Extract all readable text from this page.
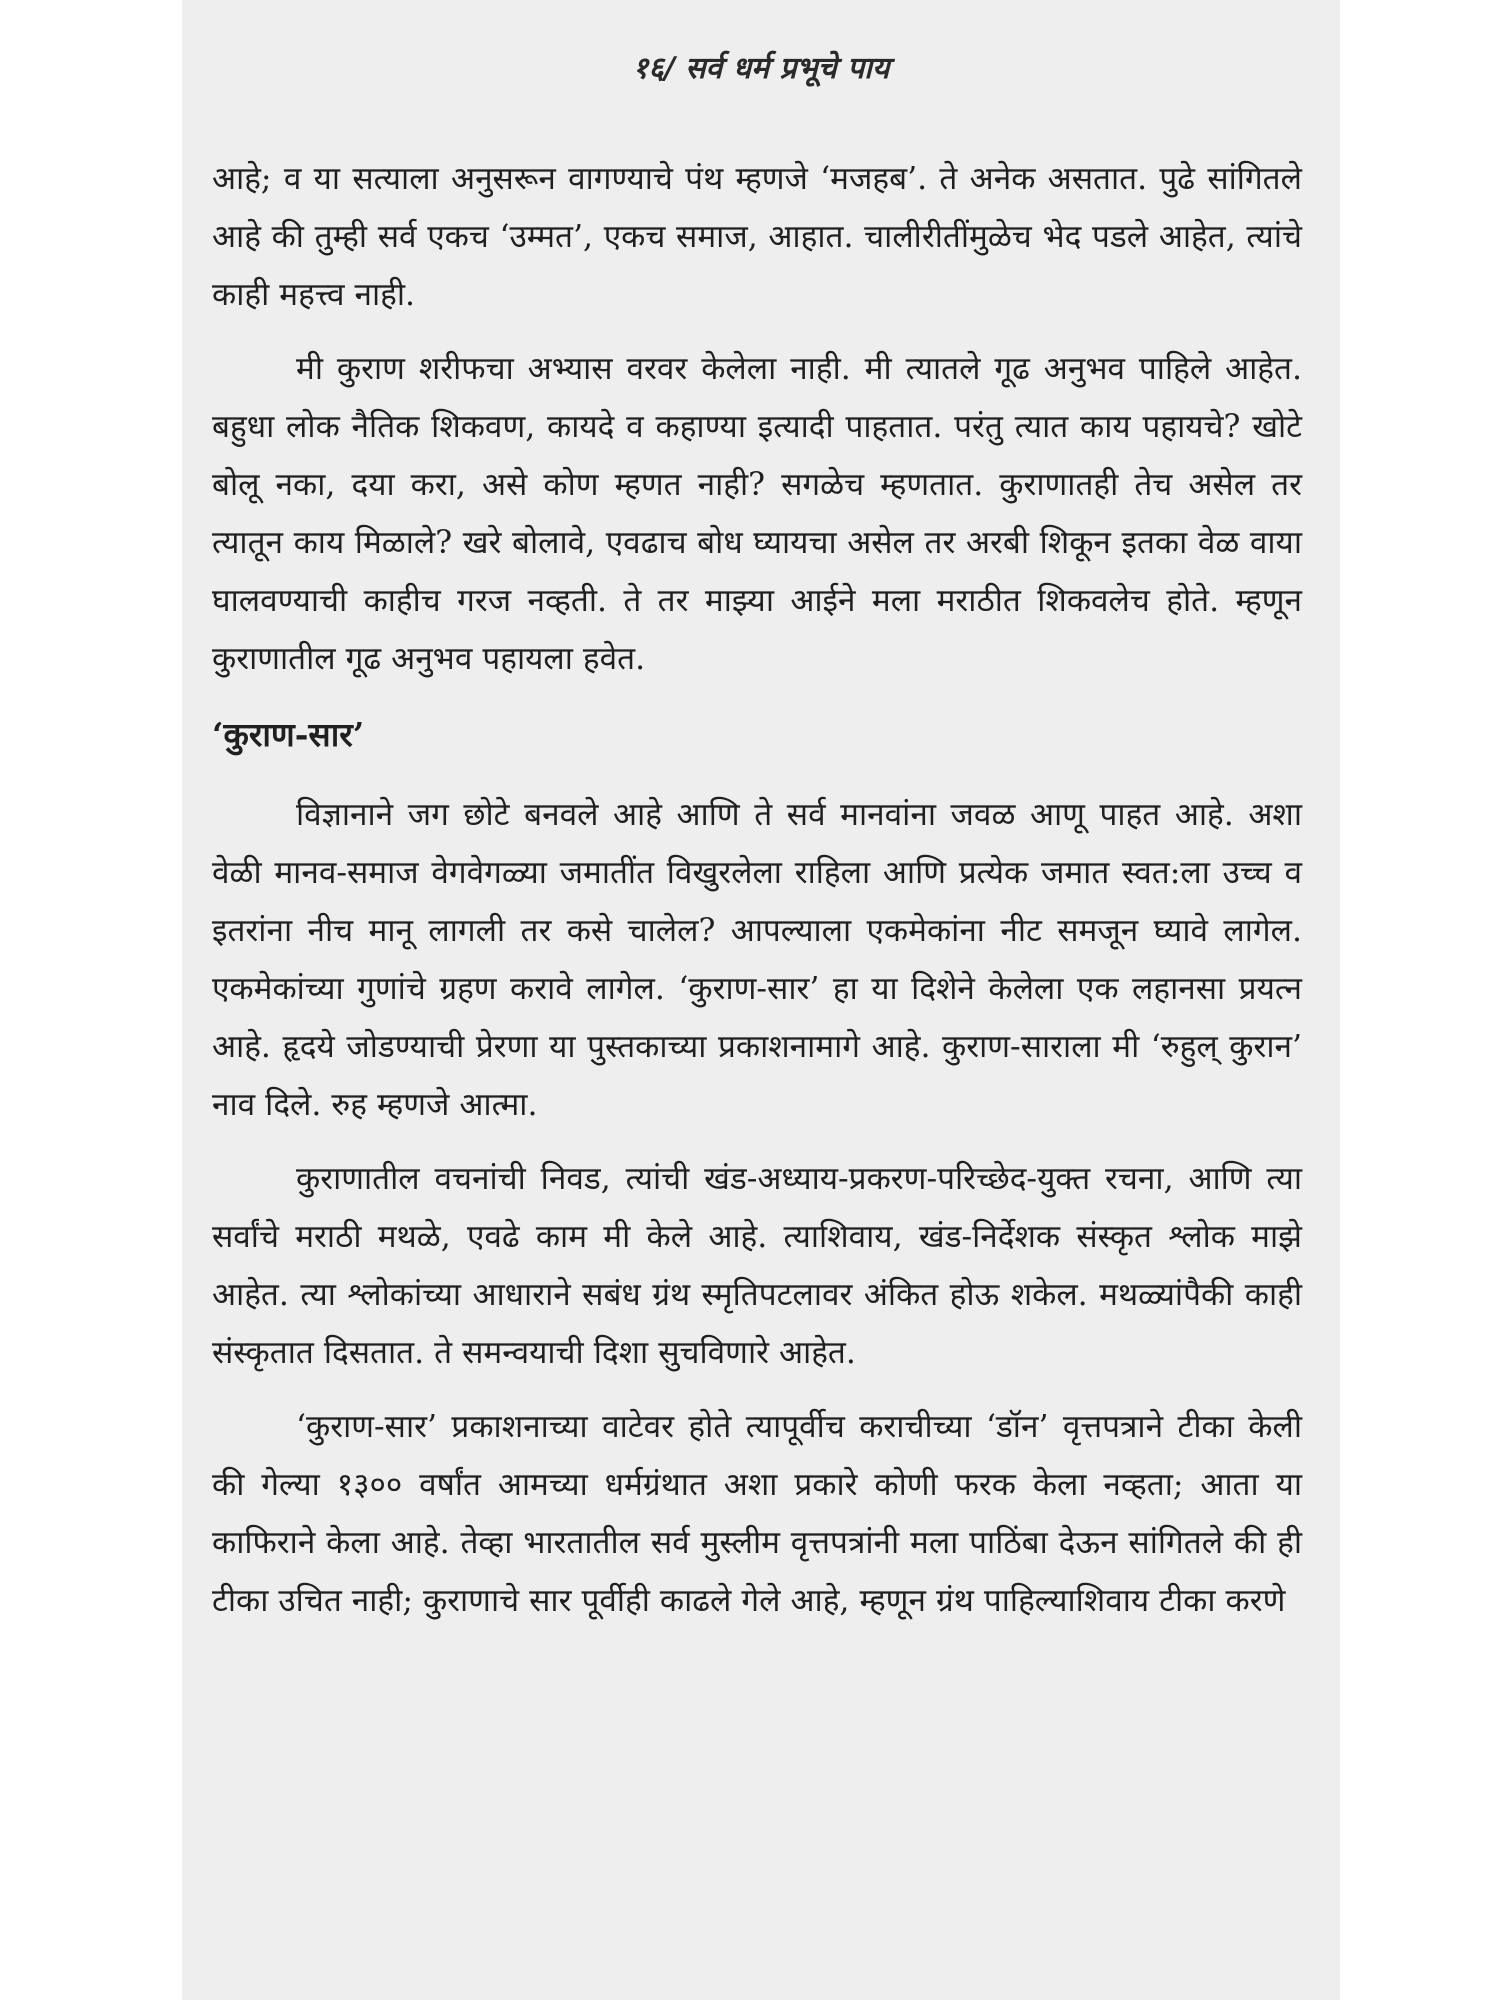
१६/ सर्व धर्म प्रभूचे पाय

आहे; व या सत्याला अनुसरून वागण्याचे पंथ म्हणजे ‘मजहब’. ते अनेक असतात. पुढे सांगितले आहे की तुम्ही सर्व एकच ‘उम्मत’, एकच समाज, आहात. चालीरीतींमुळेच भेद पडले आहेत, त्यांचे काही महत्त्व नाही.

मी कुराण शरीफचा अभ्यास वरवर केलेला नाही. मी त्यातले गूढ अनुभव पाहिले आहेत. बहुधा लोक नैतिक शिकवण, कायदे व कहाण्या इत्यादी पाहतात. परंतु त्यात काय पहायचे? खोटे बोलू नका, दया करा, असे कोण म्हणत नाही? सगळेच म्हणतात. कुराणातही तेच असेल तर त्यातून काय मिळाले? खरे बोलावे, एवढाच बोध घ्यायचा असेल तर अरबी शिकून इतका वेळ वाया घालवण्याची काहीच गरज नव्हती. ते तर माझ्या आईने मला मराठीत शिकवलेच होते. म्हणून कुराणातील गूढ अनुभव पहायला हवेत.

‘कुराण-सार’

विज्ञानाने जग छोटे बनवले आहे आणि ते सर्व मानवांना जवळ आणू पाहत आहे. अशा वेळी मानव-समाज वेगवेगळ्या जमातींत विखुरलेला राहिला आणि प्रत्येक जमात स्वत:ला उच्च व इतरांना नीच मानू लागली तर कसे चालेल? आपल्याला एकमेकांना नीट समजून घ्यावे लागेल. एकमेकांच्या गुणांचे ग्रहण करावे लागेल. ‘कुराण-सार’ हा या दिशेने केलेला एक लहानसा प्रयत्न आहे. हृदये जोडण्याची प्रेरणा या पुस्तकाच्या प्रकाशनामागे आहे. कुराण-साराला मी ‘रुहुल् कुरान’ नाव दिले. रुह म्हणजे आत्मा.

कुराणातील वचनांची निवड, त्यांची खंड-अध्याय-प्रकरण-परिच्छेद-युक्त रचना, आणि त्या सर्वांचे मराठी मथळे, एवढे काम मी केले आहे. त्याशिवाय, खंड-निर्देशक संस्कृत श्लोक माझे आहेत. त्या श्लोकांच्या आधाराने सबंध ग्रंथ स्मृतिपटलावर अंकित होऊ शकेल. मथळ्यांपैकी काही संस्कृतात दिसतात. ते समन्वयाची दिशा सुचविणारे आहेत.

‘कुराण-सार’ प्रकाशनाच्या वाटेवर होते त्यापूर्वीच कराचीच्या ‘डॉन’ वृत्तपत्राने टीका केली की गेल्या १३०० वर्षांत आमच्या धर्मग्रंथात अशा प्रकारे कोणी फरक केला नव्हता; आता या काफिराने केला आहे. तेव्हा भारतातील सर्व मुस्लीम वृत्तपत्रांनी मला पाठिंबा देऊन सांगितले की ही टीका उचित नाही; कुराणाचे सार पूर्वीही काढले गेले आहे, म्हणून ग्रंथ पाहिल्याशिवाय टीका करणे
